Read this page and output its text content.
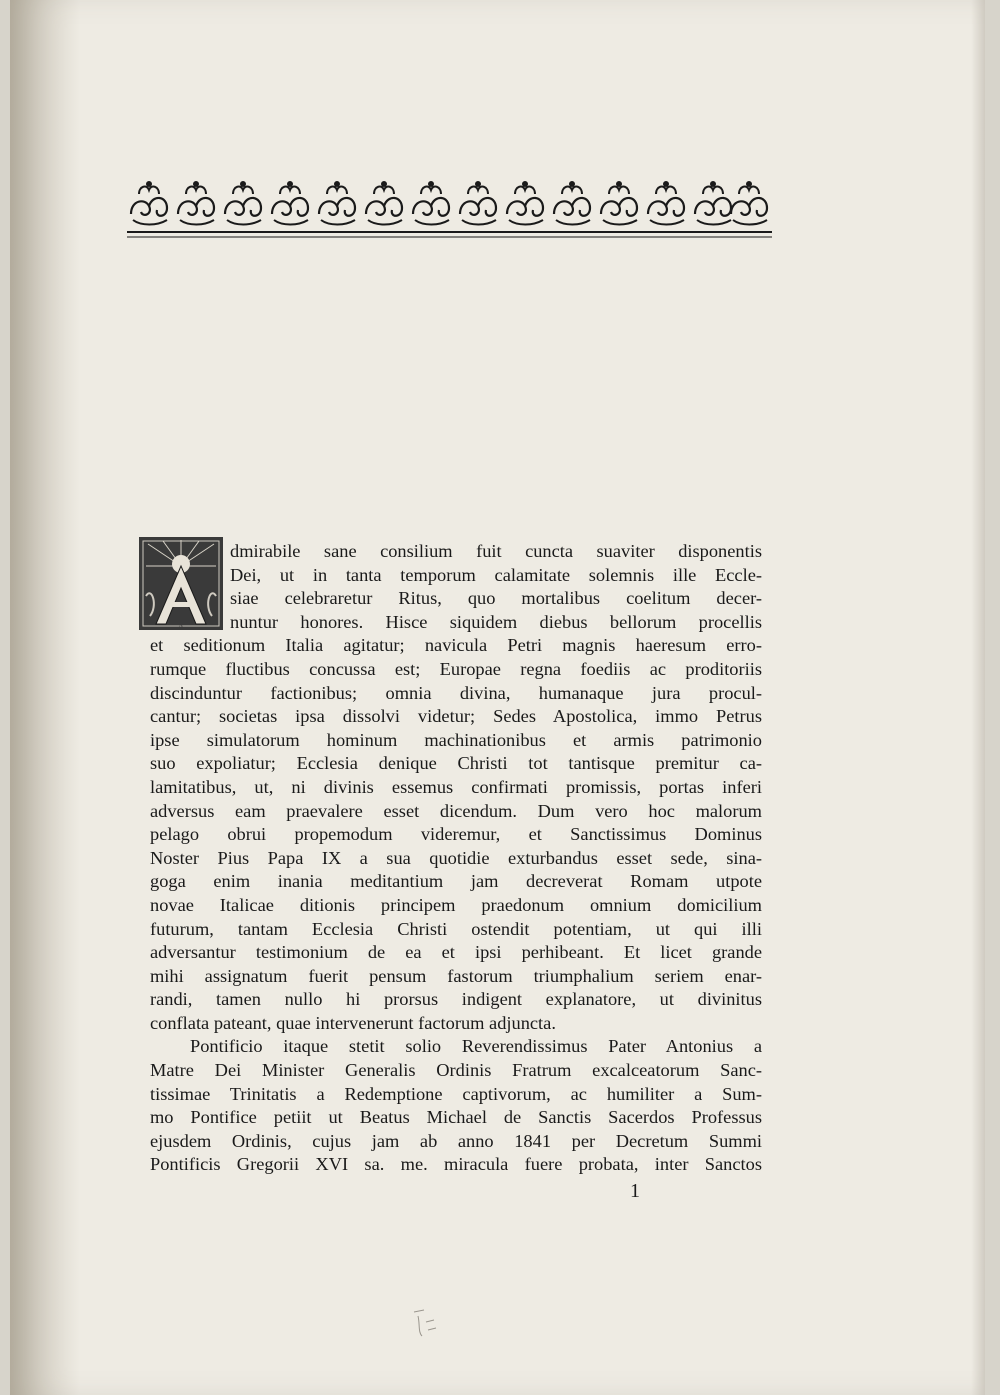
A
dmirabile sane consilium fuit cuncta suaviter disponentis
Dei, ut in tanta temporum calamitate solemnis ille Eccle-
siae celebraretur Ritus, quo mortalibus coelitum decer-
nuntur honores. Hisce siquidem diebus bellorum procellis
et seditionum Italia agitatur; navicula Petri magnis haeresum erro-
rumque fluctibus concussa est; Europae regna foediis ac proditoriis
discinduntur factionibus; omnia divina, humanaque jura procul-
cantur; societas ipsa dissolvi videtur; Sedes Apostolica, immo Petrus
ipse simulatorum hominum machinationibus et armis patrimonio
suo expoliatur; Ecclesia denique Christi tot tantisque premitur ca-
lamitatibus, ut, ni divinis essemus confirmati promissis, portas inferi
adversus eam praevalere esset dicendum. Dum vero hoc malorum
pelago obrui propemodum videremur, et Sanctissimus Dominus
Noster Pius Papa IX a sua quotidie exturbandus esset sede, sina-
goga enim inania meditantium jam decreverat Romam utpote
novae Italicae ditionis principem praedonum omnium domicilium
futurum, tantam Ecclesia Christi ostendit potentiam, ut qui illi
adversantur testimonium de ea et ipsi perhibeant. Et licet grande
mihi assignatum fuerit pensum fastorum triumphalium seriem enar-
randi, tamen nullo hi prorsus indigent explanatore, ut divinitus
conflata pateant, quae intervenerunt factorum adjuncta.
Pontificio itaque stetit solio Reverendissimus Pater Antonius a
Matre Dei Minister Generalis Ordinis Fratrum excalceatorum Sanc-
tissimae Trinitatis a Redemptione captivorum, ac humiliter a Sum-
mo Pontifice petiit ut Beatus Michael de Sanctis Sacerdos Professus
ejusdem Ordinis, cujus jam ab anno 1841 per Decretum Summi
Pontificis Gregorii XVI sa. me. miracula fuere probata, inter Sanctos
1
